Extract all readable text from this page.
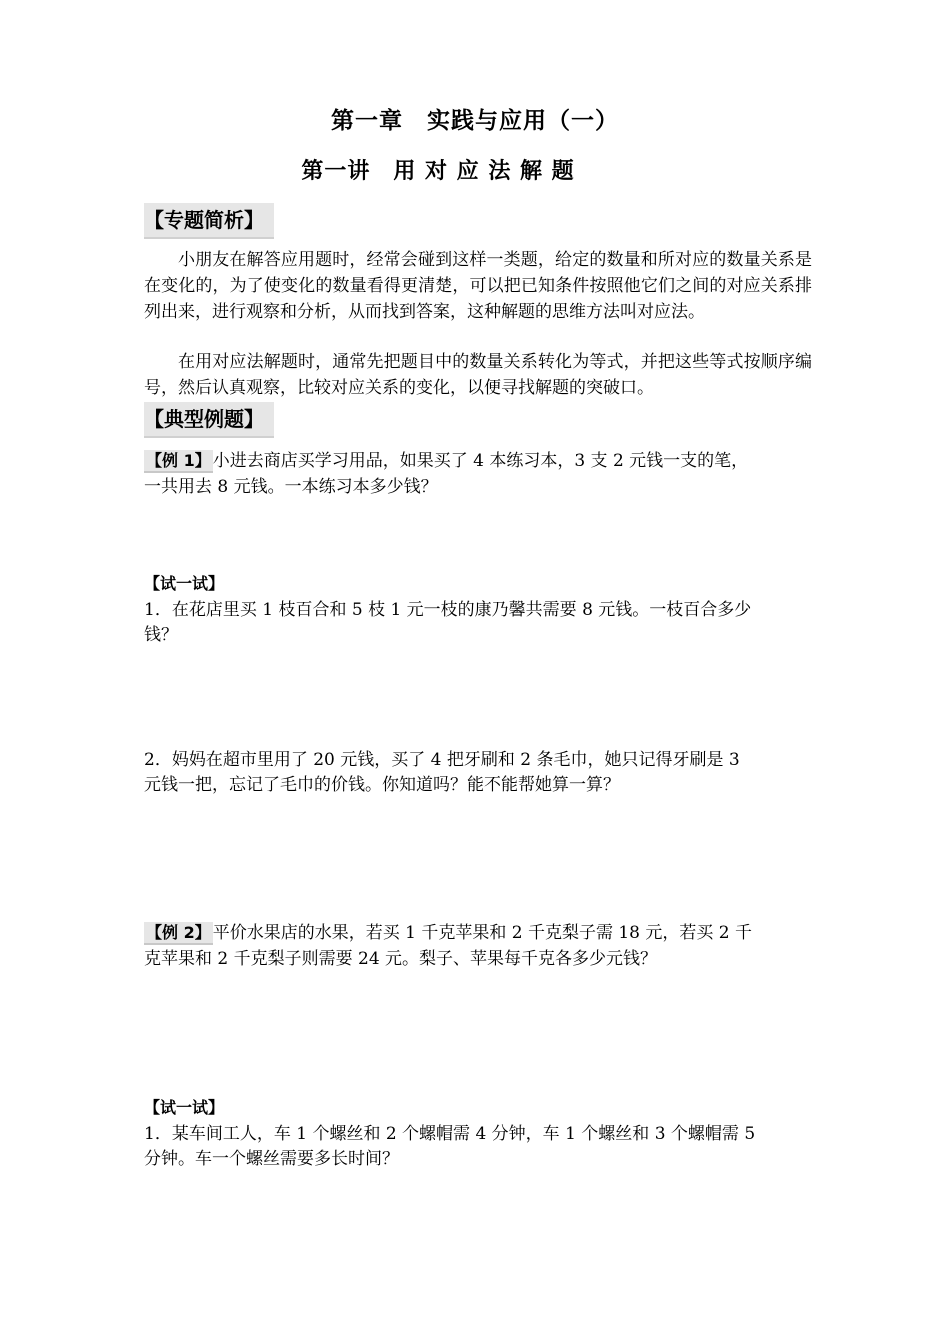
第一章　实践与应用（一）
第一讲　用 对 应 法 解 题
【专题简析】

小朋友在解答应用题时，经常会碰到这样一类题，给定的数量和所对应的数量关系是在变化的，为了使变化的数量看得更清楚，可以把已知条件按照他它们之间的对应关系排列出来，进行观察和分析，从而找到答案，这种解题的思维方法叫对应法。

在用对应法解题时，通常先把题目中的数量关系转化为等式，并把这些等式按顺序编号，然后认真观察，比较对应关系的变化，以便寻找解题的突破口。

【典型例题】
【例 1】 小进去商店买学习用品，如果买了 4 本练习本，3 支 2 元钱一支的笔，
一共用去 8 元钱。一本练习本多少钱？
【试一试】
1．在花店里买 1 枝百合和 5 枝 1 元一枝的康乃馨共需要 8 元钱。一枝百合多少
钱？
2．妈妈在超市里用了 20 元钱，买了 4 把牙刷和 2 条毛巾，她只记得牙刷是 3
元钱一把，忘记了毛巾的价钱。你知道吗？能不能帮她算一算？
【例 2】 平价水果店的水果，若买 1 千克苹果和 2 千克梨子需 18 元，若买 2 千
克苹果和 2 千克梨子则需要 24 元。梨子、苹果每千克各多少元钱？
【试一试】
1．某车间工人，车 1 个螺丝和 2 个螺帽需 4 分钟，车 1 个螺丝和 3 个螺帽需 5
分钟。车一个螺丝需要多长时间？
